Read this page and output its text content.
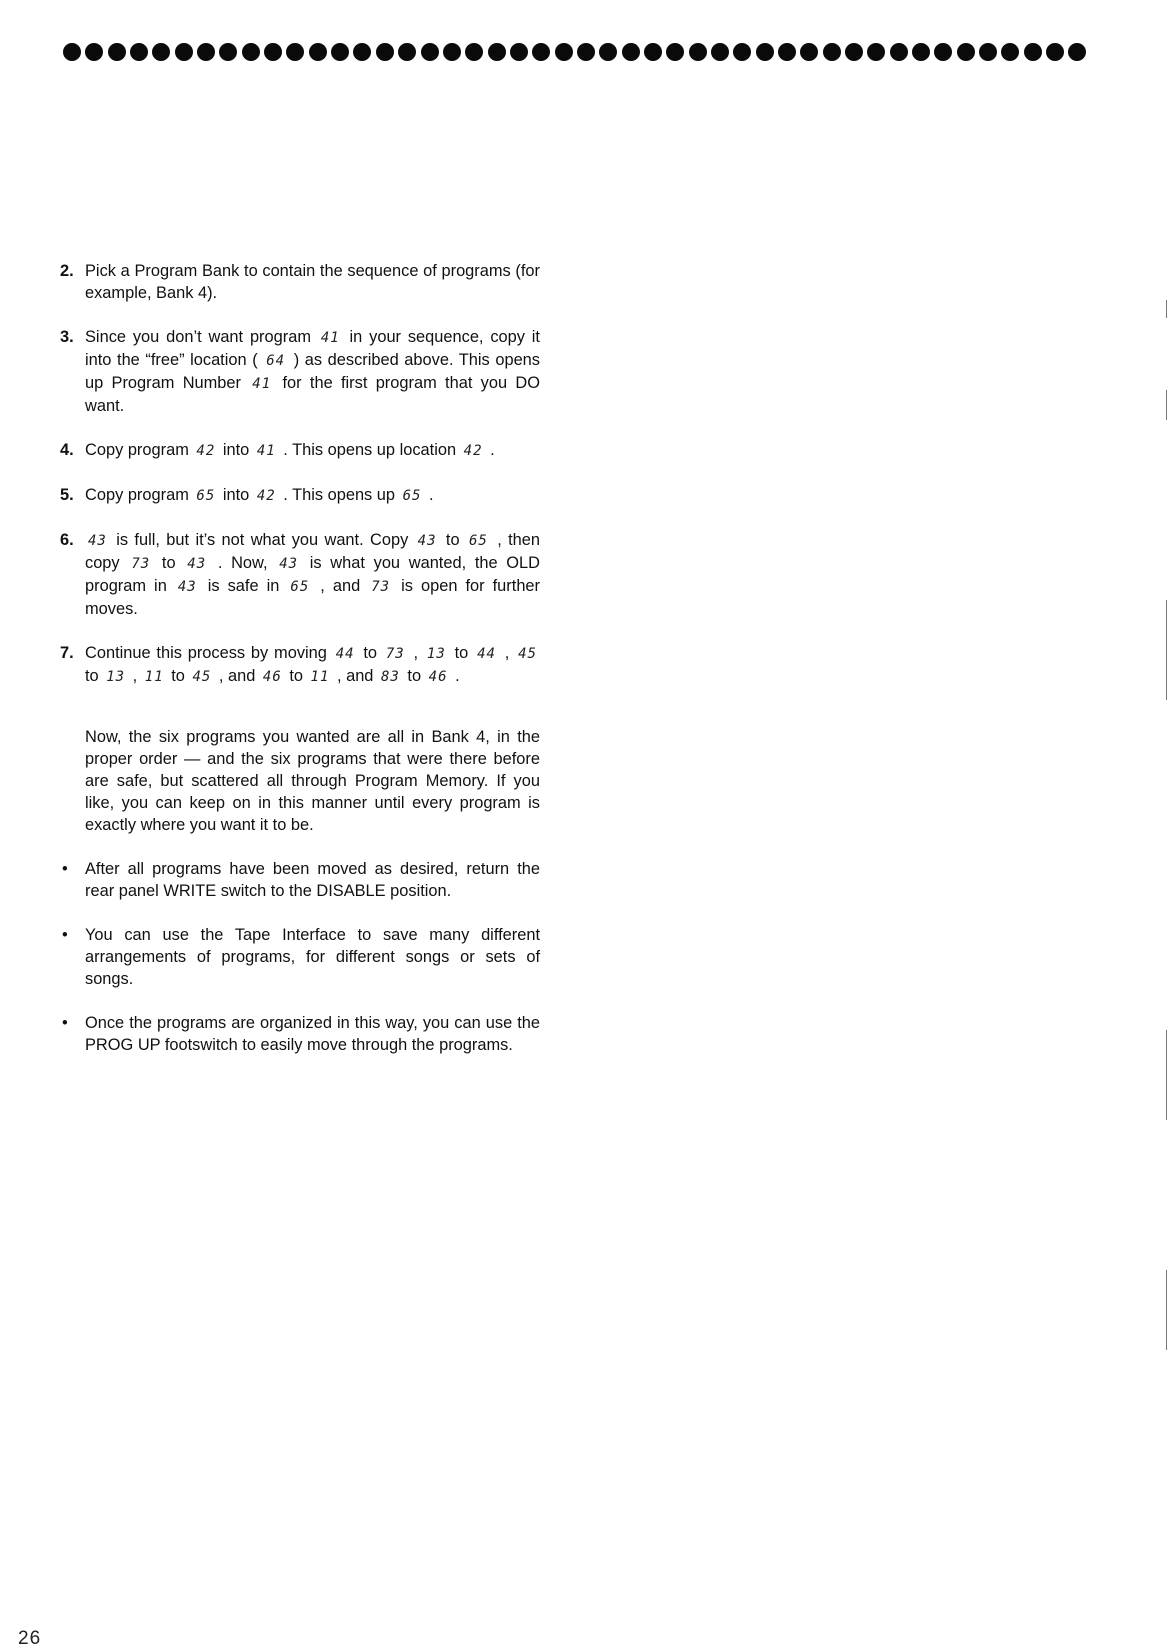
2. Pick a Program Bank to contain the sequence of programs (for example, Bank 4).

3. Since you don’t want program 41 in your sequence, copy it into the “free” location ( 64 ) as described above. This opens up Program Number 41 for the first program that you DO want.

4. Copy program 42 into 41 . This opens up location 42 .

5. Copy program 65 into 42 . This opens up 65 .

6. 43 is full, but it’s not what you want. Copy 43 to 65 , then copy 73 to 43 . Now, 43 is what you wanted, the OLD program in 43 is safe in 65 , and 73 is open for further moves.

7. Continue this process by moving 44 to 73 , 13 to 44 , 45 to 13 , 11 to 45 , and 46 to 11 , and 83 to 46 .

Now, the six programs you wanted are all in Bank 4, in the proper order — and the six programs that were there before are safe, but scattered all through Program Memory. If you like, you can keep on in this manner until every program is exactly where you want it to be.

• After all programs have been moved as desired, return the rear panel WRITE switch to the DISABLE position.

• You can use the Tape Interface to save many different arrangements of programs, for different songs or sets of songs.

• Once the programs are organized in this way, you can use the PROG UP footswitch to easily move through the programs.

26
